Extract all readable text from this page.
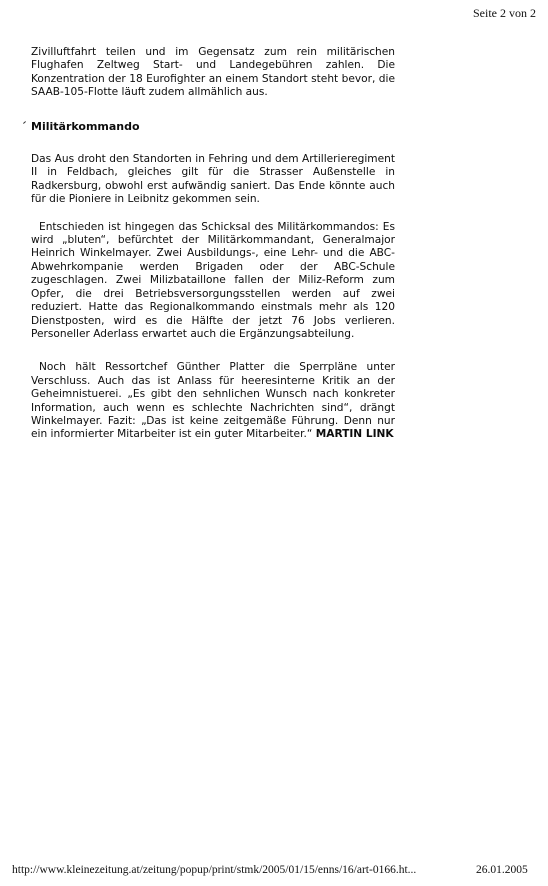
Seite 2 von 2

Zivilluftfahrt teilen und im Gegensatz zum rein militärischen Flughafen Zeltweg Start- und Landegebühren zahlen. Die Konzentration der 18 Eurofighter an einem Standort steht bevor, die SAAB-105-Flotte läuft zudem allmählich aus.

Militärkommando

Das Aus droht den Standorten in Fehring und dem Artillerieregiment II in Feldbach, gleiches gilt für die Strasser Außenstelle in Radkersburg, obwohl erst aufwändig saniert. Das Ende könnte auch für die Pioniere in Leibnitz gekommen sein.

Entschieden ist hingegen das Schicksal des Militärkommandos: Es wird „bluten“, befürchtet der Militärkommandant, Generalmajor Heinrich Winkelmayer. Zwei Ausbildungs-, eine Lehr- und die ABC-Abwehrkompanie werden Brigaden oder der ABC-Schule zugeschlagen. Zwei Milizbataillone fallen der Miliz-Reform zum Opfer, die drei Betriebsversorgungsstellen werden auf zwei reduziert. Hatte das Regionalkommando einstmals mehr als 120 Dienstposten, wird es die Hälfte der jetzt 76 Jobs verlieren. Personeller Aderlass erwartet auch die Ergänzungsabteilung.

Noch hält Ressortchef Günther Platter die Sperrpläne unter Verschluss. Auch das ist Anlass für heeresinterne Kritik an der Geheimnistuerei. „Es gibt den sehnlichen Wunsch nach konkreter Information, auch wenn es schlechte Nachrichten sind“, drängt Winkelmayer. Fazit: „Das ist keine zeitgemäße Führung. Denn nur ein informierter Mitarbeiter ist ein guter Mitarbeiter.“ MARTIN LINK

http://www.kleinezeitung.at/zeitung/popup/print/stmk/2005/01/15/enns/16/art-0166.ht...	26.01.2005
